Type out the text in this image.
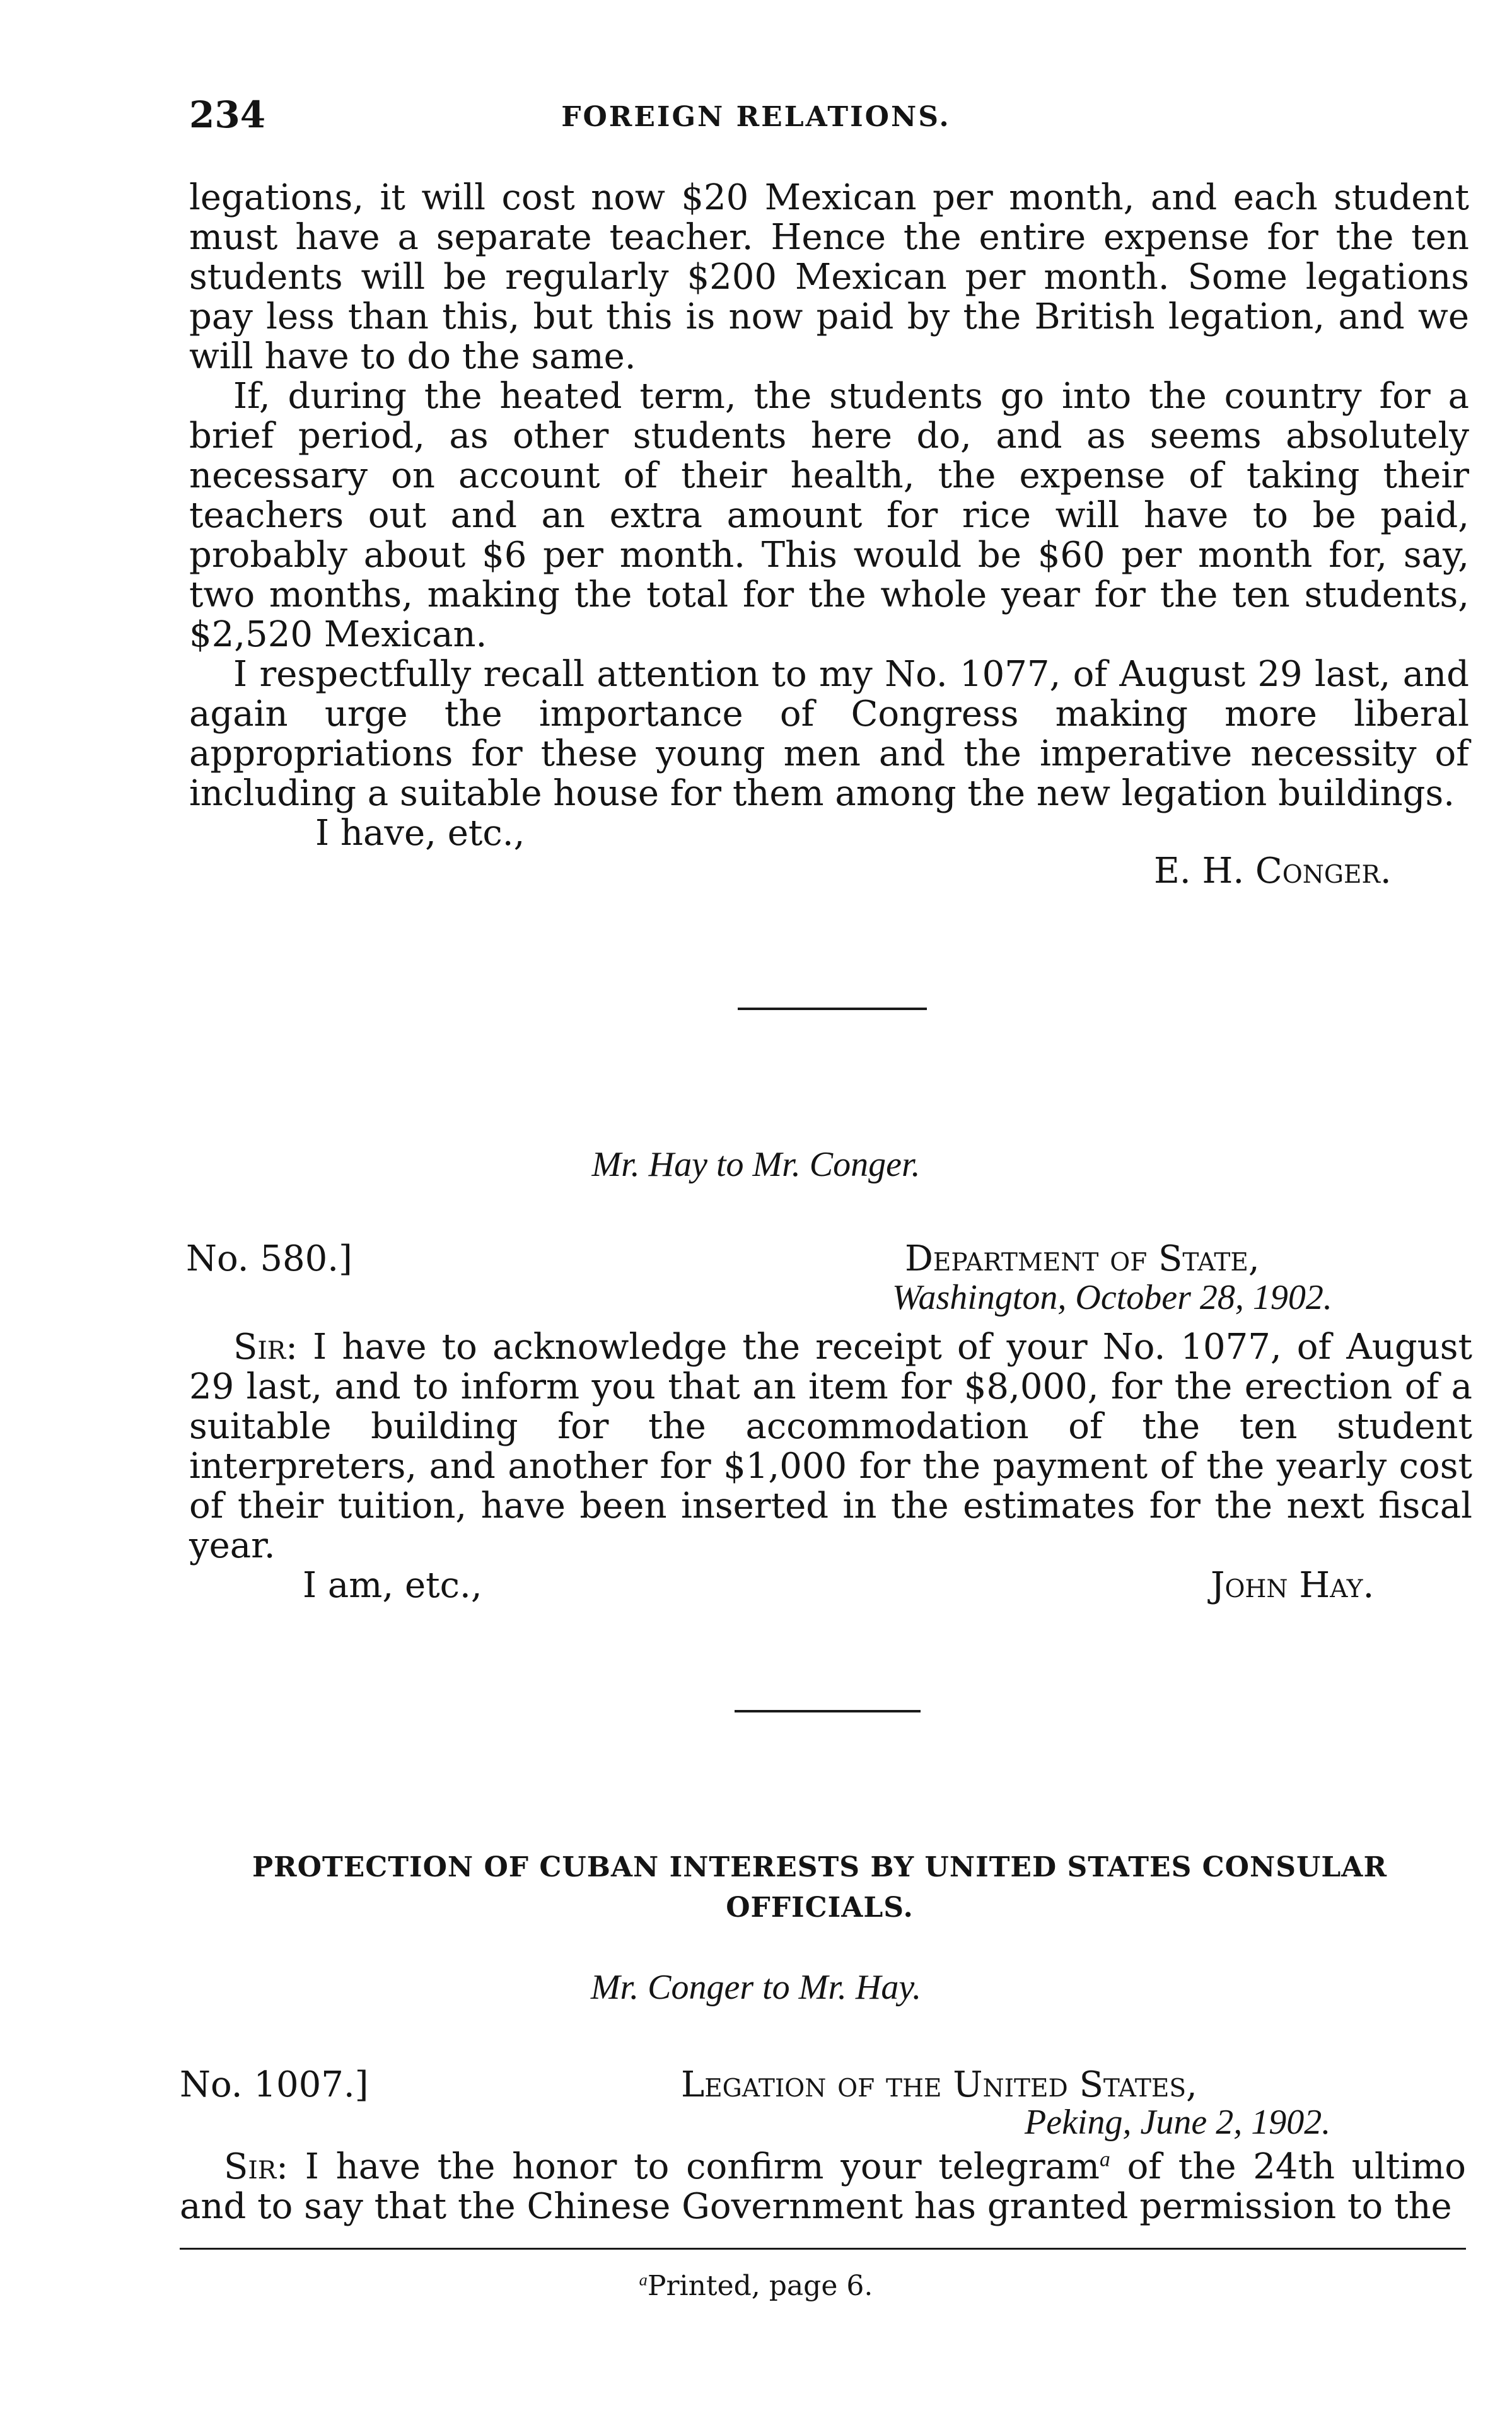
234	FOREIGN RELATIONS.
legations, it will cost now $20 Mexican per month, and each student must have a separate teacher. Hence the entire expense for the ten students will be regularly $200 Mexican per month. Some legations pay less than this, but this is now paid by the British legation, and we will have to do the same.
If, during the heated term, the students go into the country for a brief period, as other students here do, and as seems absolutely necessary on account of their health, the expense of taking their teachers out and an extra amount for rice will have to be paid, probably about $6 per month. This would be $60 per month for, say, two months, making the total for the whole year for the ten students, $2,520 Mexican.
I respectfully recall attention to my No. 1077, of August 29 last, and again urge the importance of Congress making more liberal appropriations for these young men and the imperative necessity of including a suitable house for them among the new legation buildings.
I have, etc.,
E. H. Conger.
Mr. Hay to Mr. Conger.
No. 580.]	Department of State,
Washington, October 28, 1902.
Sir: I have to acknowledge the receipt of your No. 1077, of August 29 last, and to inform you that an item for $8,000, for the erection of a suitable building for the accommodation of the ten student interpreters, and another for $1,000 for the payment of the yearly cost of their tuition, have been inserted in the estimates for the next fiscal year.
I am, etc.,	John Hay.
PROTECTION OF CUBAN INTERESTS BY UNITED STATES CONSULAR OFFICIALS.
Mr. Conger to Mr. Hay.
No. 1007.]	Legation of the United States,
Peking, June 2, 1902.
Sir: I have the honor to confirm your telegram$^a$ of the 24th ultimo and to say that the Chinese Government has granted permission to the
$^a$Printed, page 6.
